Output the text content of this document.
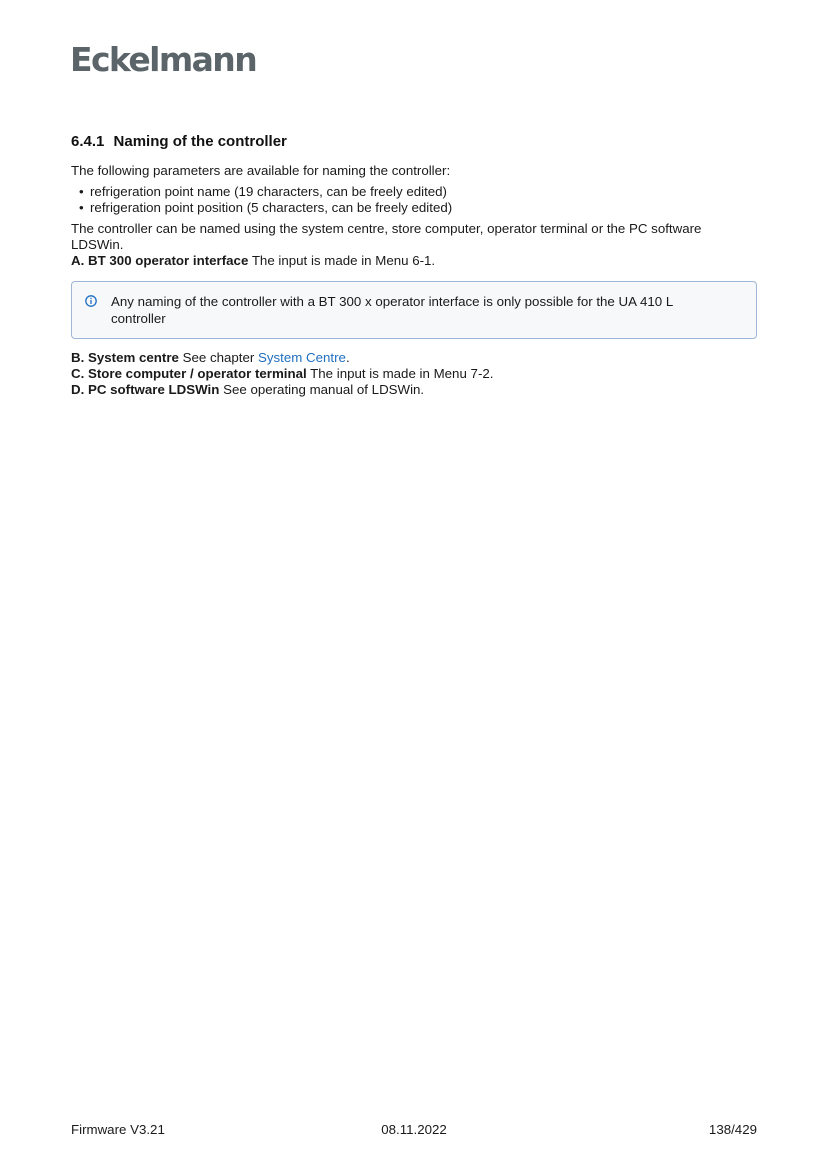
Eckelmann
6.4.1 Naming of the controller

The following parameters are available for naming the controller:

• refrigeration point name (19 characters, can be freely edited)
• refrigeration point position (5 characters, can be freely edited)

The controller can be named using the system centre, store computer, operator terminal or the PC software LDSWin.

A. BT 300 operator interface The input is made in Menu 6-1.

Any naming of the controller with a BT 300 x operator interface is only possible for the UA 410 L controller

B. System centre See chapter System Centre.

C. Store computer / operator terminal The input is made in Menu 7-2.

D. PC software LDSWin See operating manual of LDSWin.

Firmware V3.21	08.11.2022	138/429
